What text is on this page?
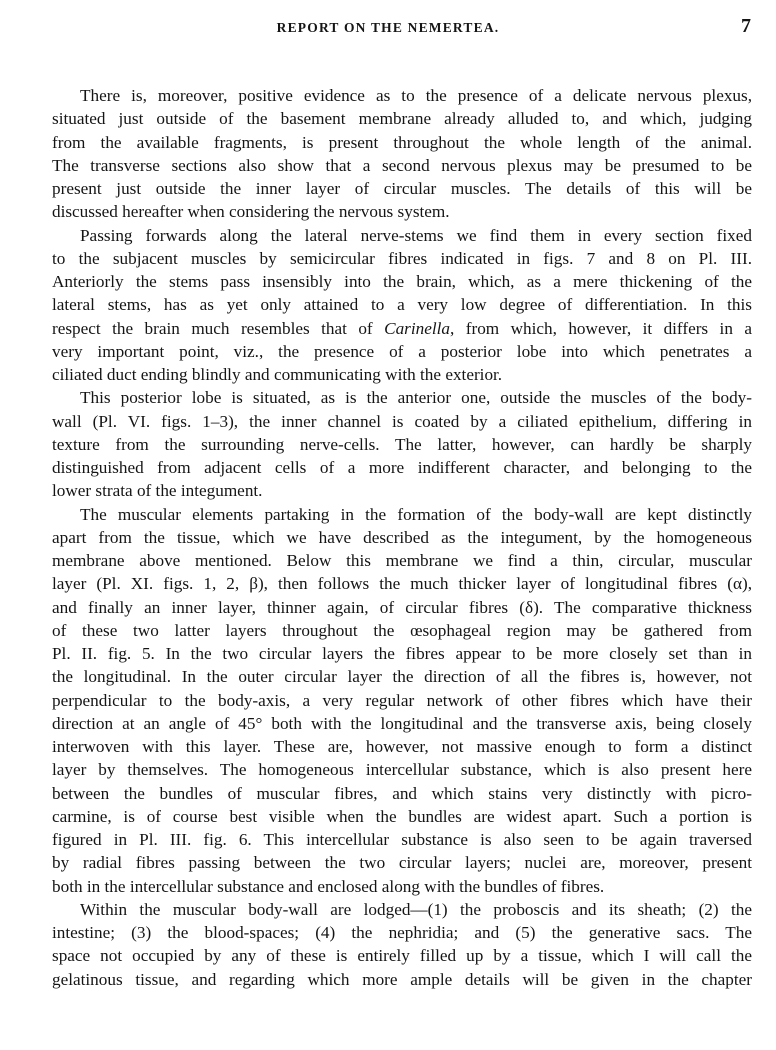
REPORT ON THE NEMERTEA.	7
There is, moreover, positive evidence as to the presence of a delicate nervous plexus,
situated just outside of the basement membrane already alluded to, and which, judging
from the available fragments, is present throughout the whole length of the animal.
The transverse sections also show that a second nervous plexus may be presumed to be
present just outside the inner layer of circular muscles. The details of this will be
discussed hereafter when considering the nervous system.
Passing forwards along the lateral nerve-stems we find them in every section fixed
to the subjacent muscles by semicircular fibres indicated in figs. 7 and 8 on Pl. III.
Anteriorly the stems pass insensibly into the brain, which, as a mere thickening of the
lateral stems, has as yet only attained to a very low degree of differentiation. In this
respect the brain much resembles that of Carinella, from which, however, it differs in a
very important point, viz., the presence of a posterior lobe into which penetrates a
ciliated duct ending blindly and communicating with the exterior.
This posterior lobe is situated, as is the anterior one, outside the muscles of the body-
wall (Pl. VI. figs. 1–3), the inner channel is coated by a ciliated epithelium, differing in
texture from the surrounding nerve-cells. The latter, however, can hardly be sharply
distinguished from adjacent cells of a more indifferent character, and belonging to the
lower strata of the integument.
The muscular elements partaking in the formation of the body-wall are kept distinctly
apart from the tissue, which we have described as the integument, by the homogeneous
membrane above mentioned. Below this membrane we find a thin, circular, muscular
layer (Pl. XI. figs. 1, 2, β), then follows the much thicker layer of longitudinal fibres (α),
and finally an inner layer, thinner again, of circular fibres (δ). The comparative thickness
of these two latter layers throughout the œsophageal region may be gathered from
Pl. II. fig. 5. In the two circular layers the fibres appear to be more closely set than in
the longitudinal. In the outer circular layer the direction of all the fibres is, however, not
perpendicular to the body-axis, a very regular network of other fibres which have their
direction at an angle of 45° both with the longitudinal and the transverse axis, being closely
interwoven with this layer. These are, however, not massive enough to form a distinct
layer by themselves. The homogeneous intercellular substance, which is also present here
between the bundles of muscular fibres, and which stains very distinctly with picro-
carmine, is of course best visible when the bundles are widest apart. Such a portion is
figured in Pl. III. fig. 6. This intercellular substance is also seen to be again traversed
by radial fibres passing between the two circular layers; nuclei are, moreover, present
both in the intercellular substance and enclosed along with the bundles of fibres.
Within the muscular body-wall are lodged—(1) the proboscis and its sheath; (2) the
intestine; (3) the blood-spaces; (4) the nephridia; and (5) the generative sacs. The
space not occupied by any of these is entirely filled up by a tissue, which I will call the
gelatinous tissue, and regarding which more ample details will be given in the chapter
